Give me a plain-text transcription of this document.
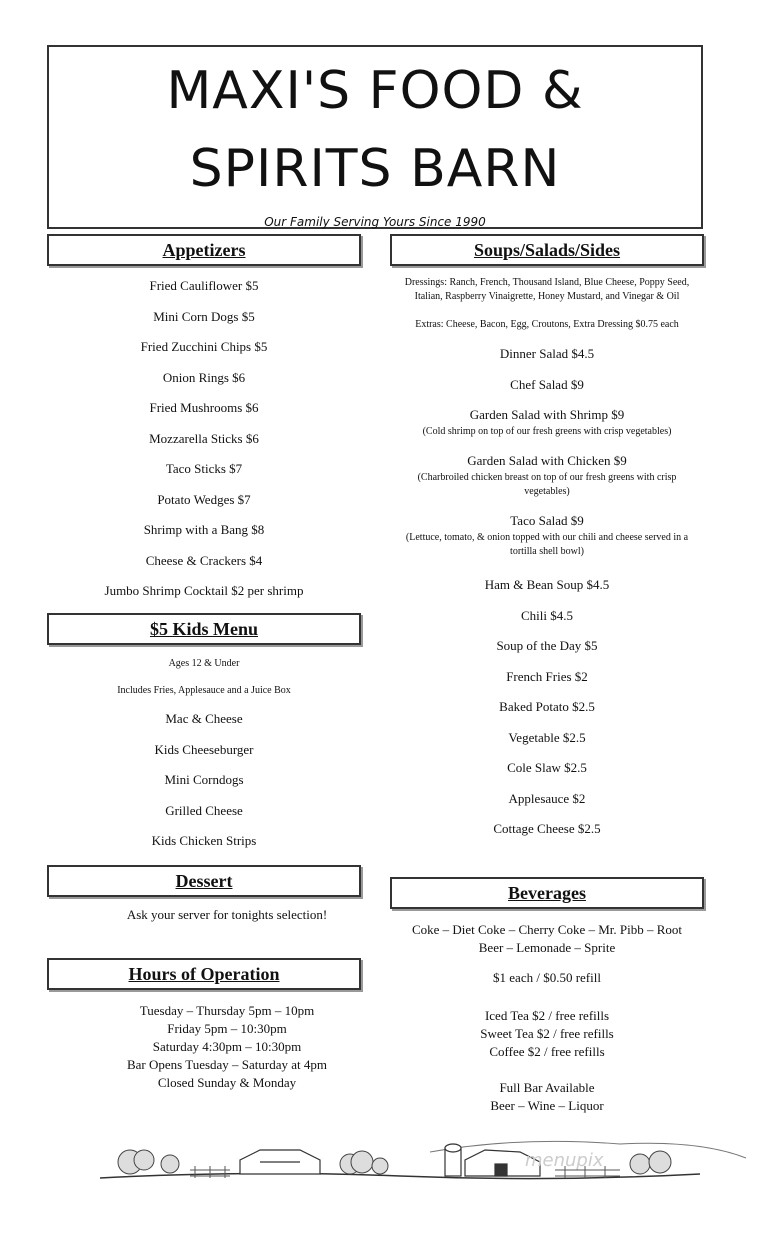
MAXI'S FOOD &
SPIRITS BARN
Our Family Serving Yours Since 1990
Appetizers
Fried Cauliflower $5
Mini Corn Dogs $5
Fried Zucchini Chips $5
Onion Rings $6
Fried Mushrooms $6
Mozzarella Sticks $6
Taco Sticks $7
Potato Wedges $7
Shrimp with a Bang $8
Cheese & Crackers $4
Jumbo Shrimp Cocktail $2 per shrimp
$5 Kids Menu
Ages 12 & Under
Includes Fries, Applesauce and a Juice Box
Mac & Cheese
Kids Cheeseburger
Mini Corndogs
Grilled Cheese
Kids Chicken Strips
Dessert
Ask your server for tonights selection!
Hours of Operation
Tuesday – Thursday 5pm – 10pm
Friday 5pm – 10:30pm
Saturday 4:30pm – 10:30pm
Bar Opens Tuesday – Saturday at 4pm
Closed Sunday & Monday
Soups/Salads/Sides
Dressings: Ranch, French, Thousand Island, Blue Cheese, Poppy Seed, Italian, Raspberry Vinaigrette, Honey Mustard, and Vinegar & Oil
Extras: Cheese, Bacon, Egg, Croutons, Extra Dressing $0.75 each
Dinner Salad $4.5
Chef Salad $9
Garden Salad with Shrimp $9
(Cold shrimp on top of our fresh greens with crisp vegetables)
Garden Salad with Chicken $9
(Charbroiled chicken breast on top of our fresh greens with crisp vegetables)
Taco Salad $9
(Lettuce, tomato, & onion topped with our chili and cheese served in a tortilla shell bowl)
Ham & Bean Soup $4.5
Chili $4.5
Soup of the Day $5
French Fries $2
Baked Potato $2.5
Vegetable $2.5
Cole Slaw $2.5
Applesauce $2
Cottage Cheese $2.5
Beverages
Coke – Diet Coke – Cherry Coke – Mr. Pibb – Root
Beer – Lemonade – Sprite
$1 each / $0.50 refill
Iced Tea $2 / free refills
Sweet Tea $2 / free refills
Coffee $2 / free refills
Full Bar Available
Beer – Wine – Liquor
menupix
